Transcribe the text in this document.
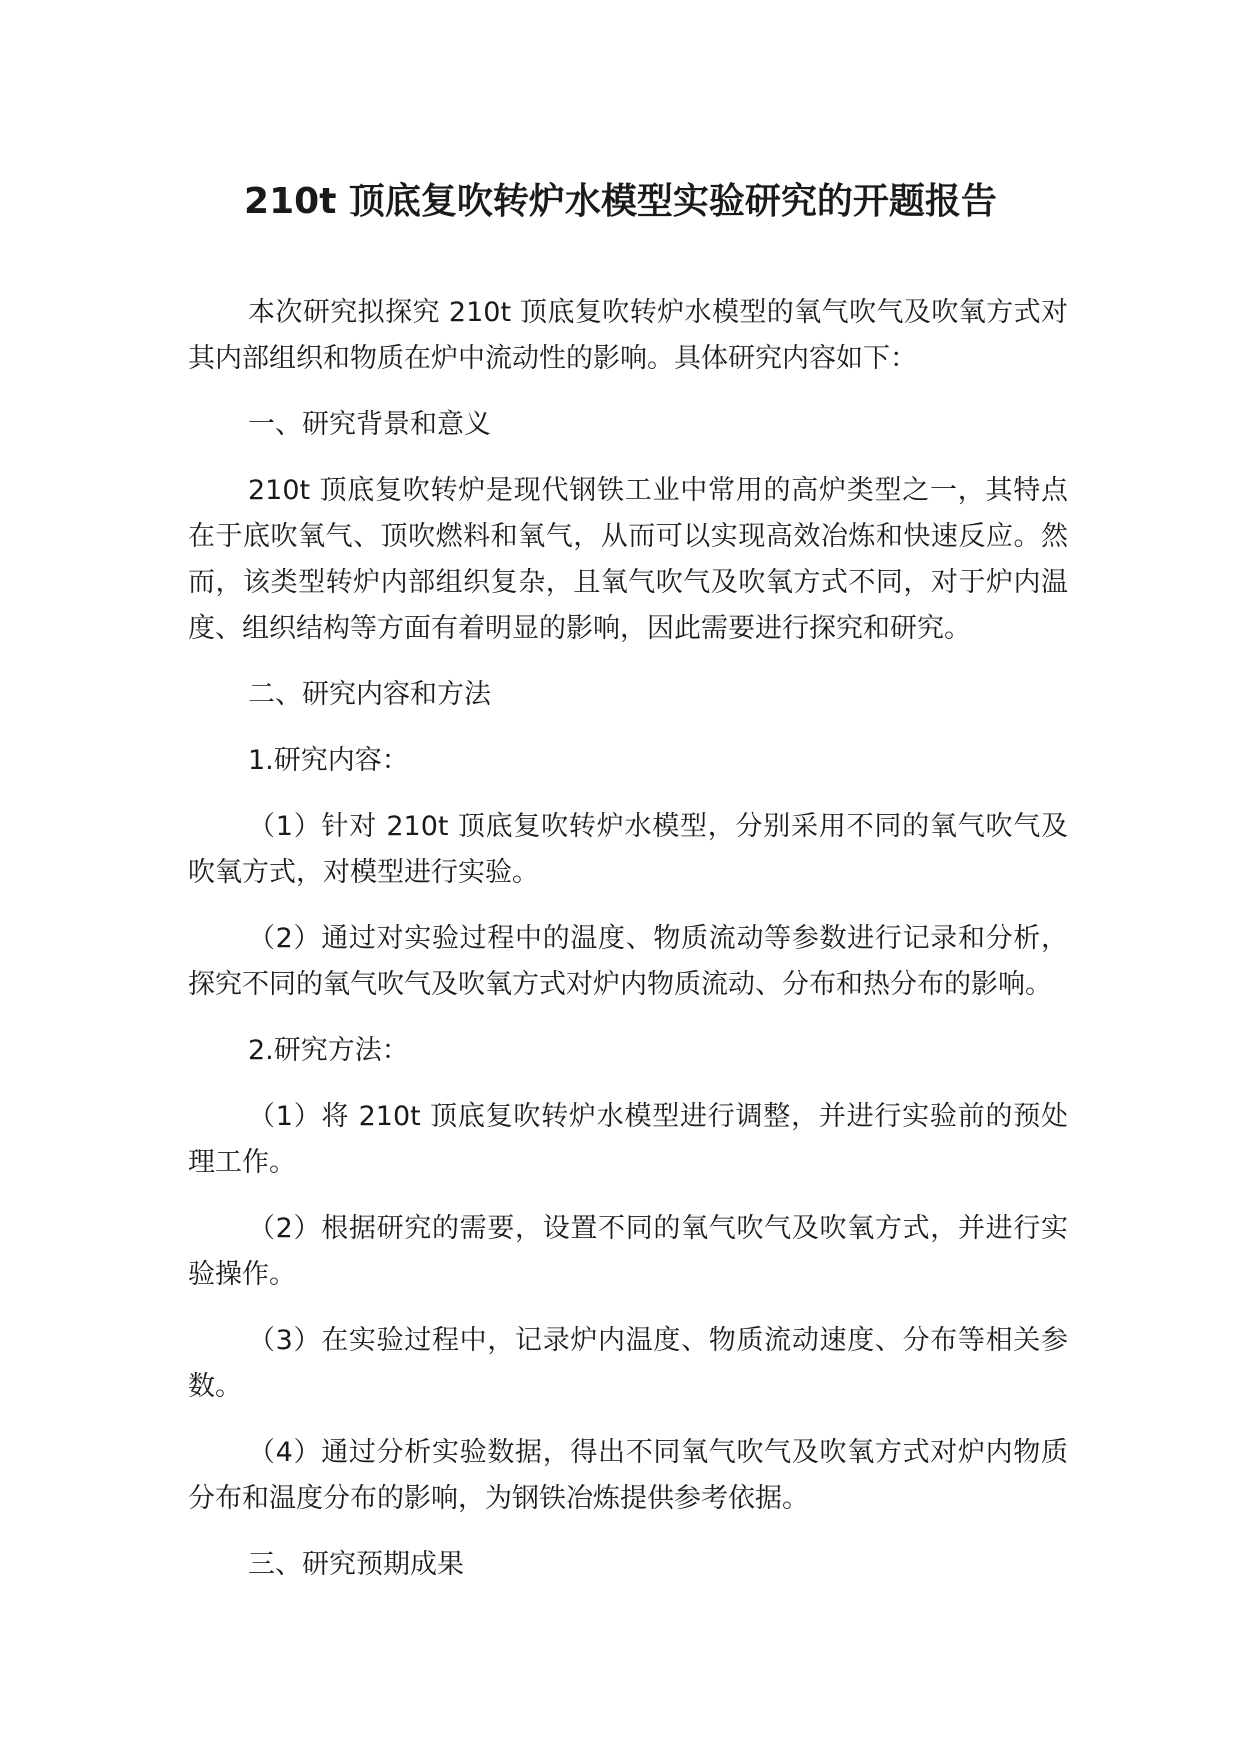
210t 顶底复吹转炉水模型实验研究的开题报告

本次研究拟探究 210t 顶底复吹转炉水模型的氧气吹气及吹氧方式对其内部组织和物质在炉中流动性的影响。具体研究内容如下：

一、研究背景和意义

210t 顶底复吹转炉是现代钢铁工业中常用的高炉类型之一，其特点在于底吹氧气、顶吹燃料和氧气，从而可以实现高效冶炼和快速反应。然而，该类型转炉内部组织复杂，且氧气吹气及吹氧方式不同，对于炉内温度、组织结构等方面有着明显的影响，因此需要进行探究和研究。

二、研究内容和方法

1.研究内容：

（1）针对 210t 顶底复吹转炉水模型，分别采用不同的氧气吹气及吹氧方式，对模型进行实验。

（2）通过对实验过程中的温度、物质流动等参数进行记录和分析，探究不同的氧气吹气及吹氧方式对炉内物质流动、分布和热分布的影响。

2.研究方法：

（1）将 210t 顶底复吹转炉水模型进行调整，并进行实验前的预处理工作。

（2）根据研究的需要，设置不同的氧气吹气及吹氧方式，并进行实验操作。

（3）在实验过程中，记录炉内温度、物质流动速度、分布等相关参数。

（4）通过分析实验数据，得出不同氧气吹气及吹氧方式对炉内物质分布和温度分布的影响，为钢铁冶炼提供参考依据。

三、研究预期成果
